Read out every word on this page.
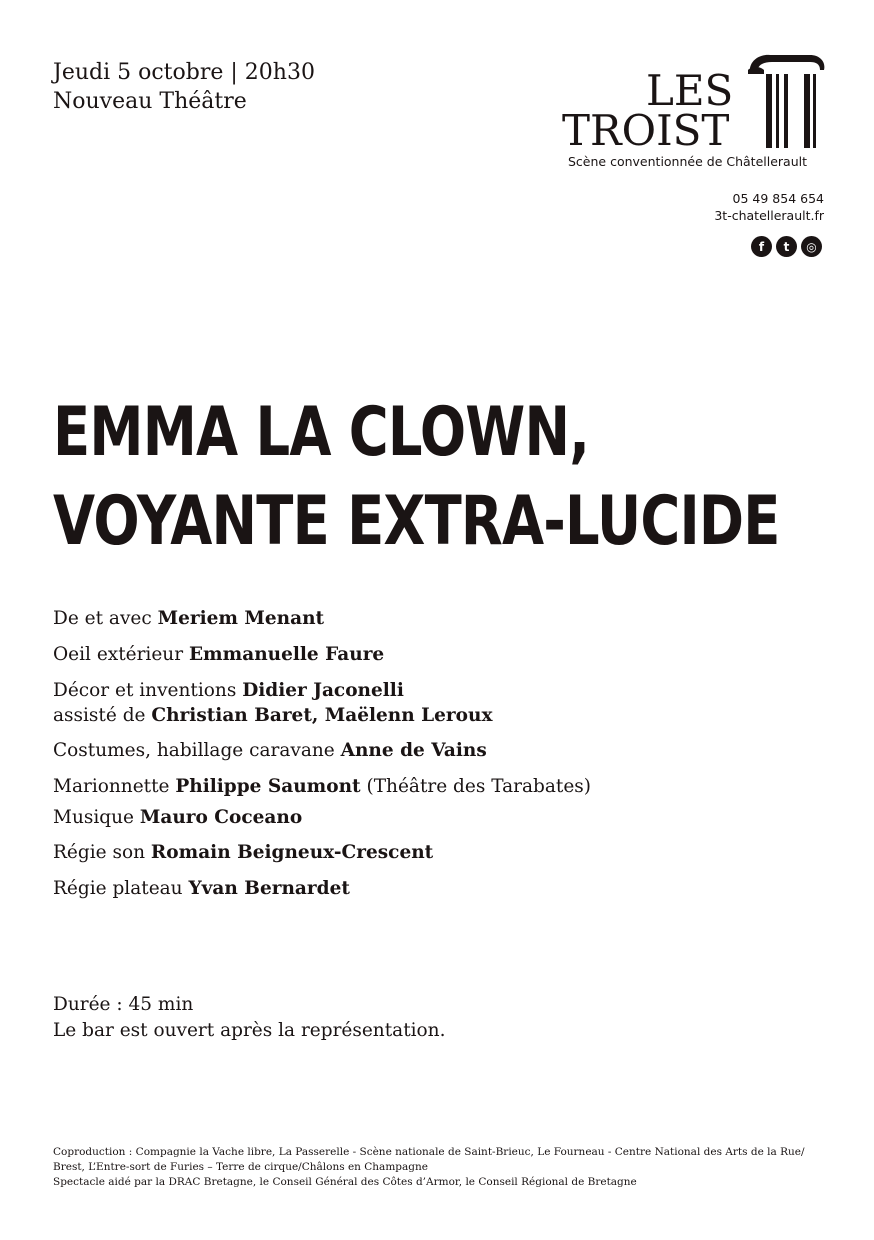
Jeudi 5 octobre | 20h30
Nouveau Théâtre	LES
TROIST
Scène conventionnée de Châtellerault
05 49 854 654
3t-chatellerault.fr
f	t	◎
EMMA LA CLOWN,
VOYANTE EXTRA-LUCIDE
De et avec Meriem Menant
Oeil extérieur Emmanuelle Faure
Décor et inventions Didier Jaconelli
assisté de Christian Baret, Maëlenn Leroux
Costumes, habillage caravane Anne de Vains
Marionnette Philippe Saumont (Théâtre des Tarabates)
Musique Mauro Coceano
Régie son Romain Beigneux-Crescent
Régie plateau Yvan Bernardet
Durée : 45 min
Le bar est ouvert après la représentation.
Coproduction : Compagnie la Vache libre, La Passerelle - Scène nationale de Saint-Brieuc, Le Fourneau - Centre National des Arts de la Rue/
Brest, L’Entre-sort de Furies – Terre de cirque/Châlons en Champagne
Spectacle aidé par la DRAC Bretagne, le Conseil Général des Côtes d’Armor, le Conseil Régional de Bretagne
